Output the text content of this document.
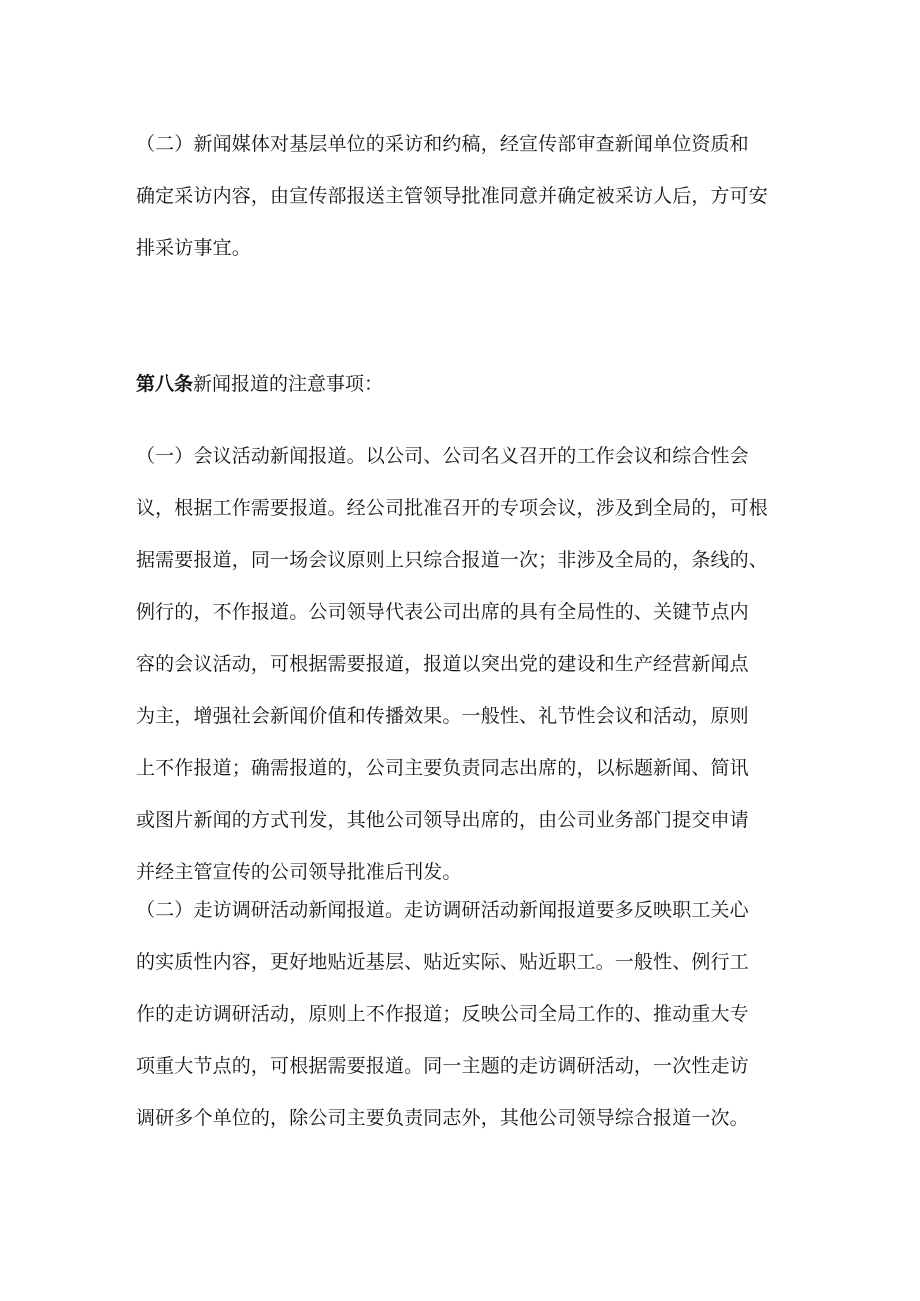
（二）新闻媒体对基层单位的采访和约稿，经宣传部审查新闻单位资质和
确定采访内容，由宣传部报送主管领导批准同意并确定被采访人后，方可安
排采访事宜。
第八条新闻报道的注意事项：
（一）会议活动新闻报道。以公司、公司名义召开的工作会议和综合性会
议，根据工作需要报道。经公司批准召开的专项会议，涉及到全局的，可根
据需要报道，同一场会议原则上只综合报道一次；非涉及全局的，条线的、
例行的，不作报道。公司领导代表公司出席的具有全局性的、关键节点内
容的会议活动，可根据需要报道，报道以突出党的建设和生产经营新闻点
为主，增强社会新闻价值和传播效果。一般性、礼节性会议和活动，原则
上不作报道；确需报道的，公司主要负责同志出席的，以标题新闻、简讯
或图片新闻的方式刊发，其他公司领导出席的，由公司业务部门提交申请
并经主管宣传的公司领导批准后刊发。
（二）走访调研活动新闻报道。走访调研活动新闻报道要多反映职工关心
的实质性内容，更好地贴近基层、贴近实际、贴近职工。一般性、例行工
作的走访调研活动，原则上不作报道；反映公司全局工作的、推动重大专
项重大节点的，可根据需要报道。同一主题的走访调研活动，一次性走访
调研多个单位的，除公司主要负责同志外，其他公司领导综合报道一次。
